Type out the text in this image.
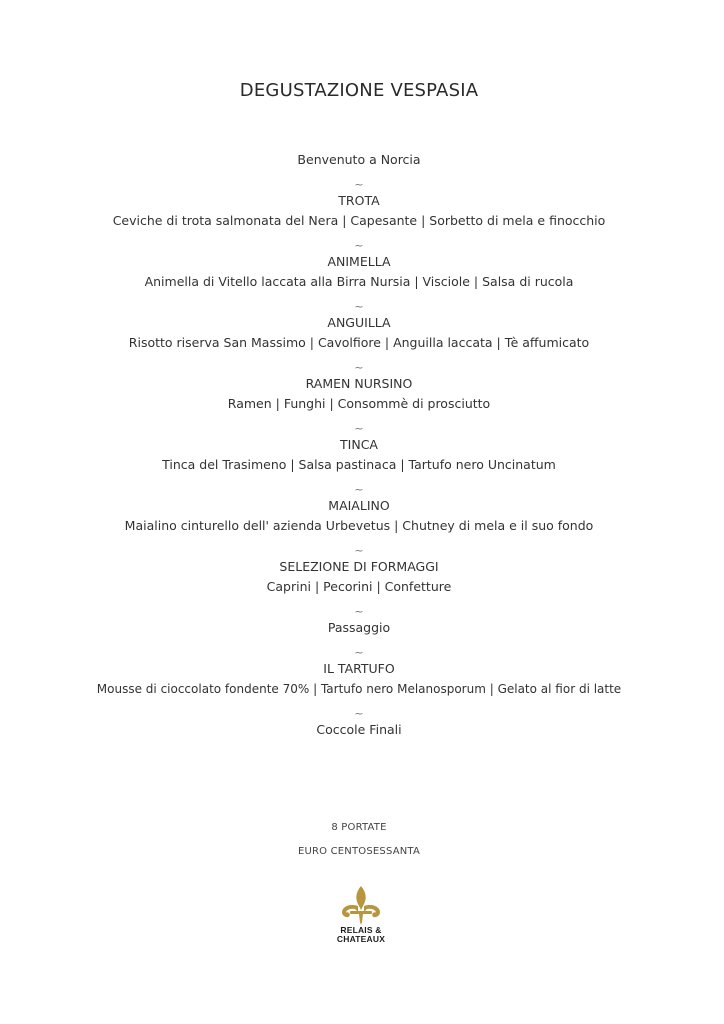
DEGUSTAZIONE VESPASIA
Benvenuto a Norcia
~
TROTA
Ceviche di trota salmonata del Nera | Capesante | Sorbetto di mela e finocchio
~
ANIMELLA
Animella di Vitello laccata alla Birra Nursia | Visciole | Salsa di rucola
~
ANGUILLA
Risotto riserva San Massimo | Cavolfiore | Anguilla laccata | Tè affumicato
~
RAMEN NURSINO
Ramen | Funghi | Consommè di prosciutto
~
TINCA
Tinca del Trasimeno | Salsa pastinaca | Tartufo nero Uncinatum
~
MAIALINO
Maialino cinturello dell' azienda Urbevetus | Chutney di mela e il suo fondo
~
SELEZIONE DI FORMAGGI
Caprini | Pecorini | Confetture
~
Passaggio
~
IL TARTUFO
Mousse di cioccolato fondente 70% | Tartufo nero Melanosporum | Gelato al fior di latte
~
Coccole Finali
8 PORTATE
EURO CENTOSESSANTA
RELAIS &
CHATEAUX
